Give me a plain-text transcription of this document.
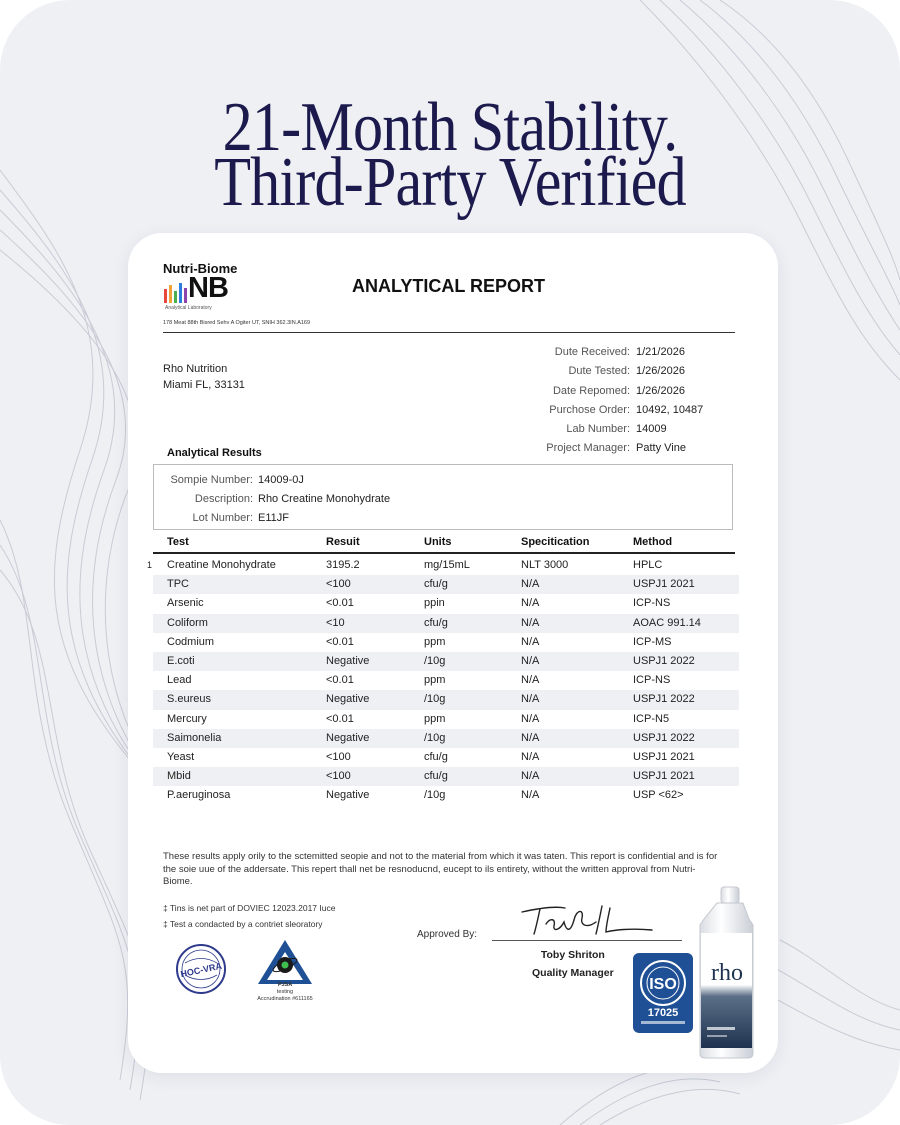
21-Month Stability.
Third-Party Verified
Nutri-Biome
NB
Analytical Laboratory
178 Meat 88th Bisred Sehv A Ogiter UT, SNIH 362.3IN.A169
ANALYTICAL REPORT
Rho Nutrition
Miami FL, 33131
Dute Received: 1/21/2026
Dute Tested: 1/26/2026
Date Repomed: 1/26/2026
Purchose Order: 10492, 10487
Lab Number: 14009
Project Manager: Patty Vine
Analytical Results
Sompie Number: 14009-0J
Description: Rho Creatine Monohydrate
Lot Number: E11JF
Test	Resuit	Units	Specitication	Method
1 Creatine Monohydrate	3195.2	mg/15mL	NLT 3000	HPLC
TPC	<100	cfu/g	N/A	USPJ1 2021
Arsenic	<0.01	ppin	N/A	ICP-NS
Coliform	<10	cfu/g	N/A	AOAC 991.14
Codmium	<0.01	ppm	N/A	ICP-MS
E.coti	Negative	/10g	N/A	USPJ1 2022
Lead	<0.01	ppm	N/A	ICP-NS
S.eureus	Negative	/10g	N/A	USPJ1 2022
Mercury	<0.01	ppm	N/A	ICP-N5
Saimonelia	Negative	/10g	N/A	USPJ1 2022
Yeast	<100	cfu/g	N/A	USPJ1 2021
Mbid	<100	cfu/g	N/A	USPJ1 2021
P.aeruginosa	Negative	/10g	N/A	USP <62>
These results apply orily to the sctemitted seopie and not to the material from which it was taten. This report is confidential and is for the soie uue of the addersate. This repert thall net be resnoducnd, eucept to ils entirety, without the written approval from Nutri-Biome.
‡ Tins is net part of DOVIEC 12023.2017 Iuce
‡ Test a condacted by a contriet sleoratory
Approved By:
Toby Shriton
Quality Manager
HOC-VRA
PJSA
testing
Accrudination #611165
ISO
17025
rho
